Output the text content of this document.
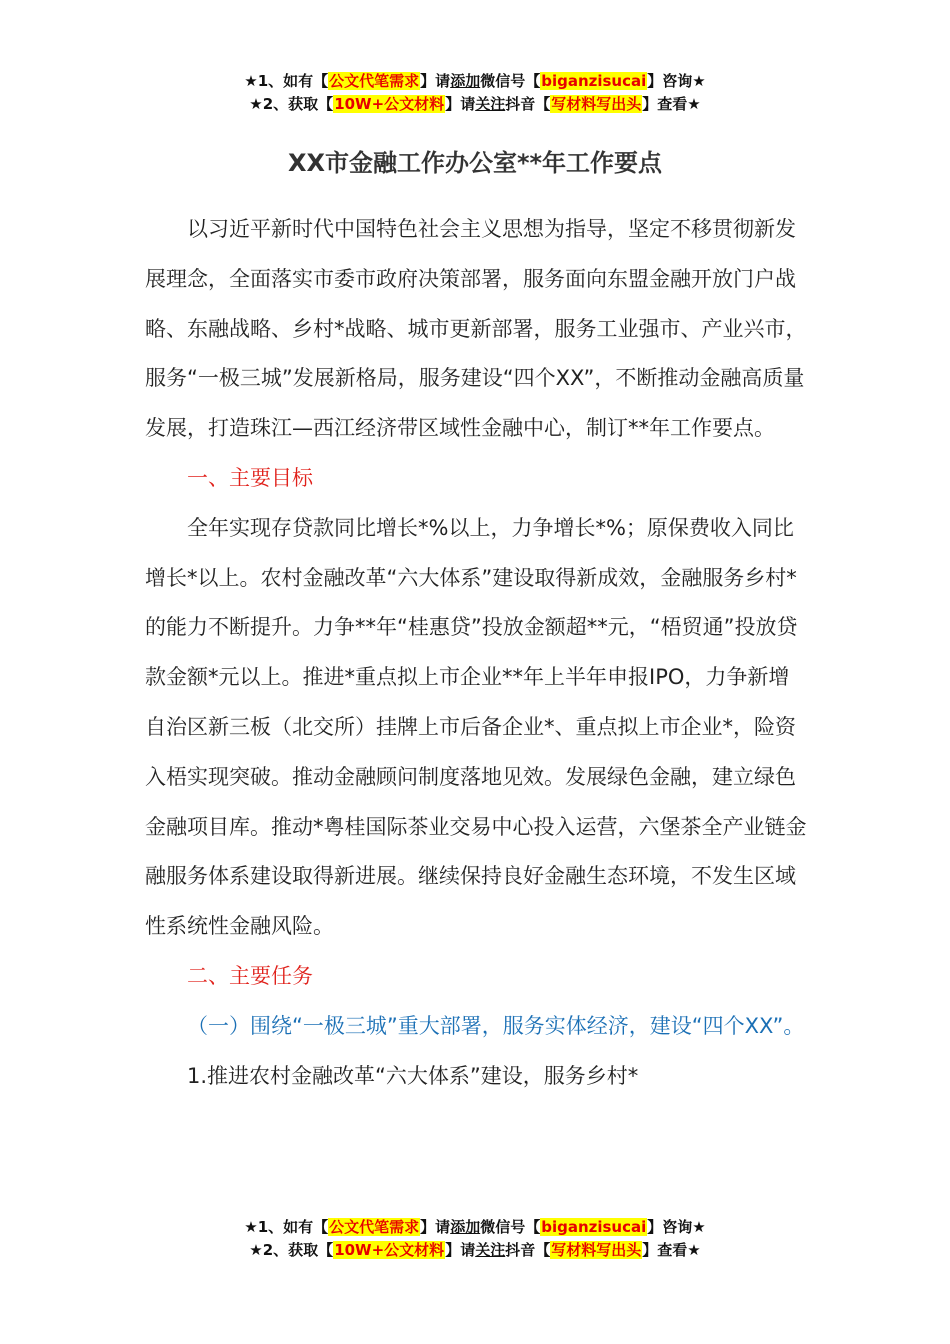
★1、如有【公文代笔需求】请添加微信号【biganzisucai】咨询★
★2、获取【10W+公文材料】请关注抖音【写材料写出头】查看★
XX市金融工作办公室**年工作要点

以习近平新时代中国特色社会主义思想为指导，坚定不移贯彻新发展理念，全面落实市委市政府决策部署，服务面向东盟金融开放门户战略、东融战略、乡村*战略、城市更新部署，服务工业强市、产业兴市，服务“一极三城”发展新格局，服务建设“四个XX”，不断推动金融高质量发展，打造珠江—西江经济带区域性金融中心，制订**年工作要点。

一、主要目标

全年实现存贷款同比增长*%以上，力争增长*%；原保费收入同比增长*以上。农村金融改革“六大体系”建设取得新成效，金融服务乡村*的能力不断提升。力争**年“桂惠贷”投放金额超**元，“梧贸通”投放贷款金额*元以上。推进*重点拟上市企业**年上半年申报IPO，力争新增自治区新三板（北交所）挂牌上市后备企业*、重点拟上市企业*，险资入梧实现突破。推动金融顾问制度落地见效。发展绿色金融，建立绿色金融项目库。推动*粤桂国际茶业交易中心投入运营，六堡茶全产业链金融服务体系建设取得新进展。继续保持良好金融生态环境，不发生区域性系统性金融风险。

二、主要任务

（一）围绕“一极三城”重大部署，服务实体经济，建设“四个XX”。

1.推进农村金融改革“六大体系”建设，服务乡村*

★1、如有【公文代笔需求】请添加微信号【biganzisucai】咨询★
★2、获取【10W+公文材料】请关注抖音【写材料写出头】查看★
